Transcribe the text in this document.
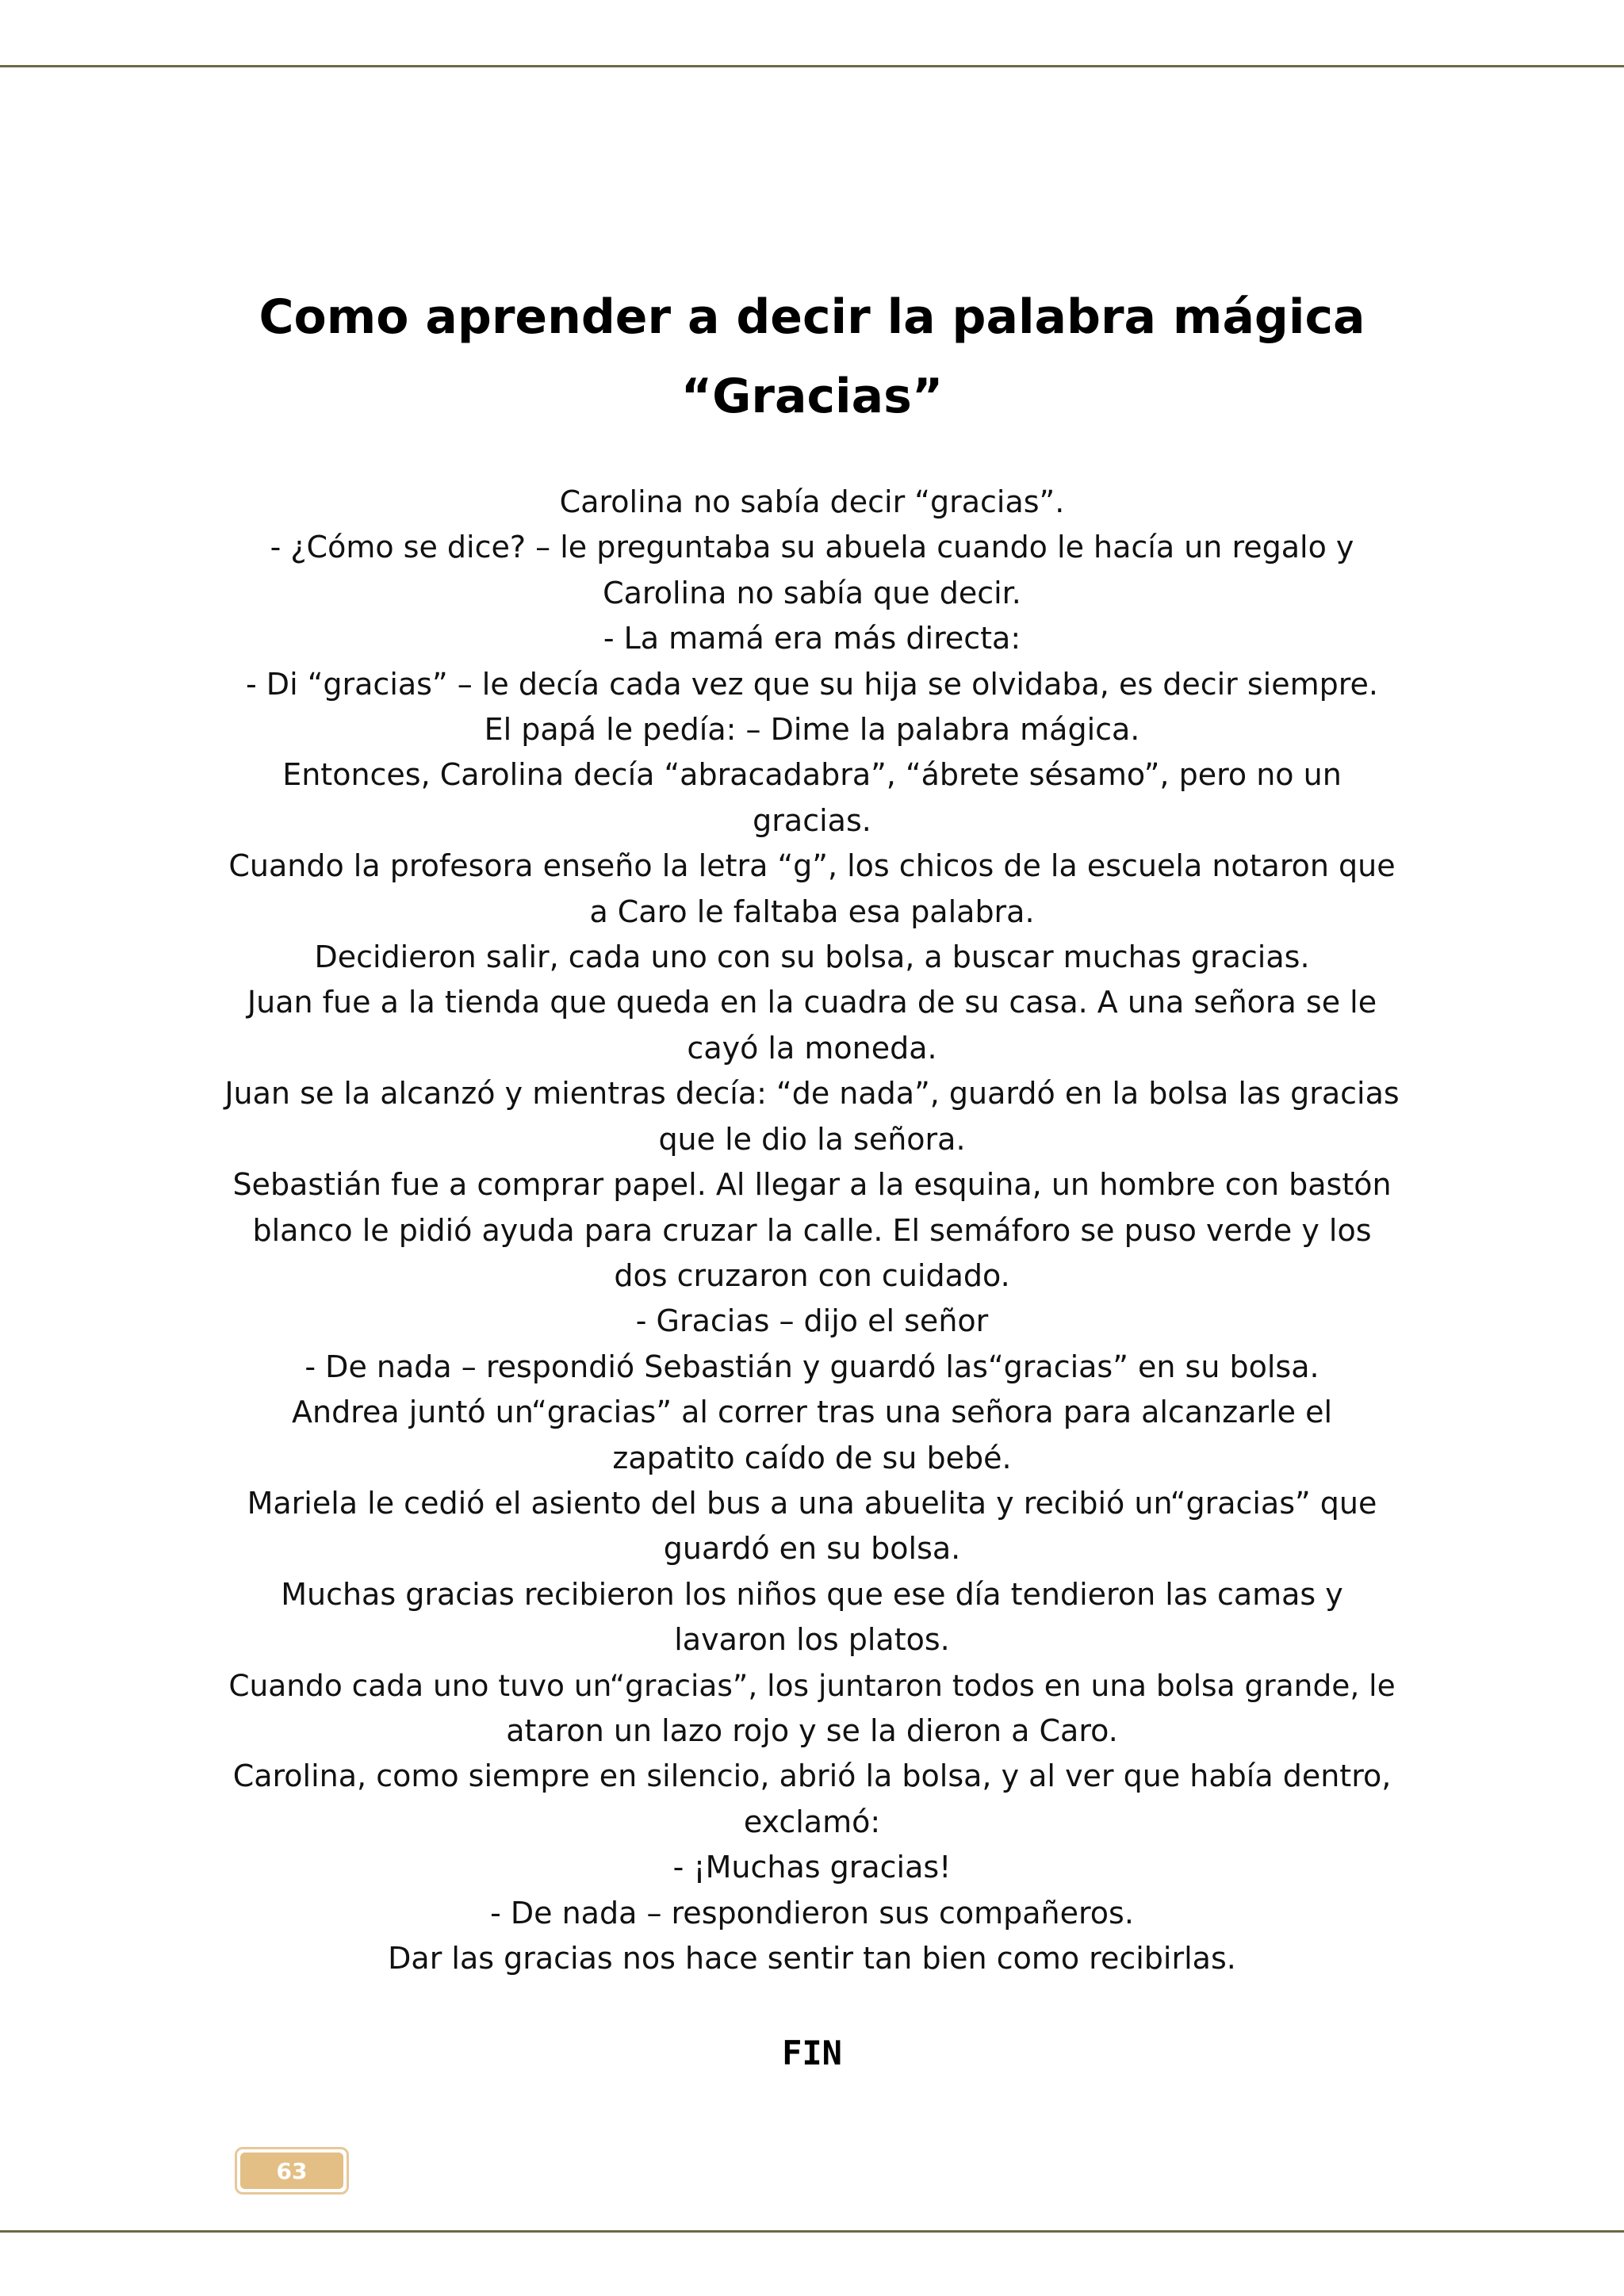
Como aprender a decir la palabra mágica
“Gracias”
Carolina no sabía decir “gracias”.
- ¿Cómo se dice? – le preguntaba su abuela cuando le hacía un regalo y
Carolina no sabía que decir.
- La mamá era más directa:
- Di “gracias” – le decía cada vez que su hija se olvidaba, es decir siempre.
El papá le pedía: – Dime la palabra mágica.
Entonces, Carolina decía “abracadabra”, “ábrete sésamo”, pero no un
gracias.
Cuando la profesora enseño la letra “g”, los chicos de la escuela notaron que
a Caro le faltaba esa palabra.
Decidieron salir, cada uno con su bolsa, a buscar muchas gracias.
Juan fue a la tienda que queda en la cuadra de su casa. A una señora se le
cayó la moneda.
Juan se la alcanzó y mientras decía: “de nada”, guardó en la bolsa las gracias
que le dio la señora.
Sebastián fue a comprar papel. Al llegar a la esquina, un hombre con bastón
blanco le pidió ayuda para cruzar la calle. El semáforo se puso verde y los
dos cruzaron con cuidado.
- Gracias – dijo el señor
- De nada – respondió Sebastián y guardó las“gracias” en su bolsa.
Andrea juntó un“gracias” al correr tras una señora para alcanzarle el
zapatito caído de su bebé.
Mariela le cedió el asiento del bus a una abuelita y recibió un“gracias” que
guardó en su bolsa.
Muchas gracias recibieron los niños que ese día tendieron las camas y
lavaron los platos.
Cuando cada uno tuvo un“gracias”, los juntaron todos en una bolsa grande, le
ataron un lazo rojo y se la dieron a Caro.
Carolina, como siempre en silencio, abrió la bolsa, y al ver que había dentro,
exclamó:
- ¡Muchas gracias!
- De nada – respondieron sus compañeros.
Dar las gracias nos hace sentir tan bien como recibirlas.
FIN
63
